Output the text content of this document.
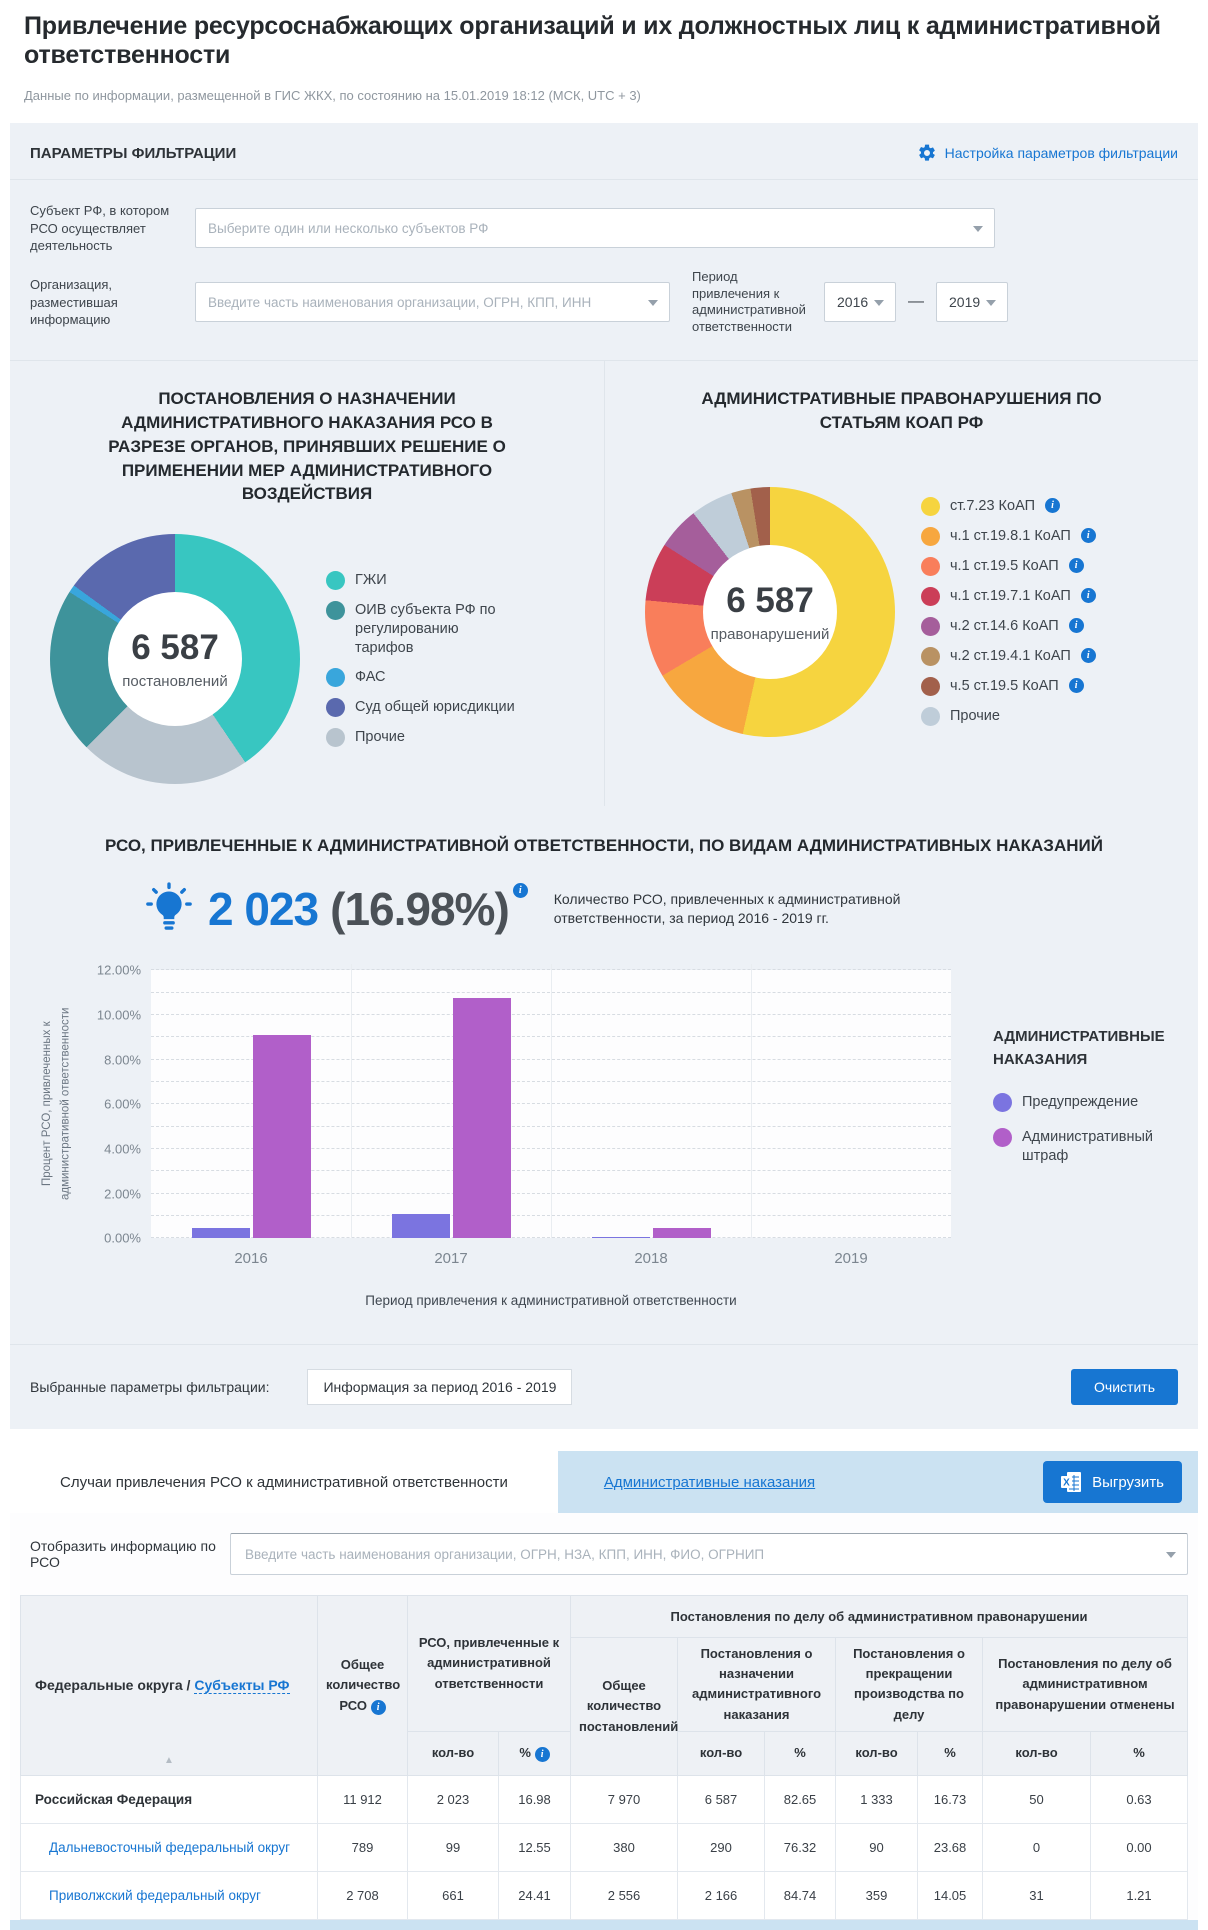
Привлечение ресурсоснабжающих организаций и их должностных лиц к административной ответственности
Данные по информации, размещенной в ГИС ЖКХ, по состоянию на 15.01.2019 18:12 (МСК, UTC + 3)
ПАРАМЕТРЫ ФИЛЬТРАЦИИ	Настройка параметров фильтрации
Субъект РФ, в котором РСО осуществляет деятельность
Выберите один или несколько субъектов РФ
Организация, разместившая информацию
Введите часть наименования организации, ОГРН, КПП, ИНН
Период привлечения к административной ответственности
2016 — 2019
ПОСТАНОВЛЕНИЯ О НАЗНАЧЕНИИ АДМИНИСТРАТИВНОГО НАКАЗАНИЯ РСО В РАЗРЕЗЕ ОРГАНОВ, ПРИНЯВШИХ РЕШЕНИЕ О ПРИМЕНЕНИИ МЕР АДМИНИСТРАТИВНОГО ВОЗДЕЙСТВИЯ
6 587
постановлений
ГЖИ
ОИВ субъекта РФ по регулированию тарифов
ФАС
Суд общей юрисдикции
Прочие
АДМИНИСТРАТИВНЫЕ ПРАВОНАРУШЕНИЯ ПО СТАТЬЯМ КОАП РФ
6 587
правонарушений
ст.7.23 КоАП	i
ч.1 ст.19.8.1 КоАП	i
ч.1 ст.19.5 КоАП	i
ч.1 ст.19.7.1 КоАП	i
ч.2 ст.14.6 КоАП	i
ч.2 ст.19.4.1 КоАП	i
ч.5 ст.19.5 КоАП	i
Прочие
РСО, ПРИВЛЕЧЕННЫЕ К АДМИНИСТРАТИВНОЙ ОТВЕТСТВЕННОСТИ, ПО ВИДАМ АДМИНИСТРАТИВНЫХ НАКАЗАНИЙ
2 023 (16.98%)	i	Количество РСО, привлеченных к административной ответственности, за период 2016 - 2019 гг.
Процент РСО, привлеченных к административной ответственности
0.00%
2.00%
4.00%
6.00%
8.00%
10.00%
12.00%
2016	2017	2018	2019
Период привлечения к административной ответственности
АДМИНИСТРАТИВНЫЕ НАКАЗАНИЯ
Предупреждение
Административный штраф
Выбранные параметры фильтрации:	Информация за период 2016 - 2019	Очистить
Случаи привлечения РСО к административной ответственности	Административные наказания	X Выгрузить
Отобразить информацию по РСО	Введите часть наименования организации, ОГРН, НЗА, КПП, ИНН, ФИО, ОГРНИП
Федеральные округа / Субъекты РФ
▲	Общее количество РСО i	РСО, привлеченные к административной ответственности		Постановления по делу об административном правонарушении						
				Общее количество постановлений	Постановления о назначении административного наказания		Постановления о прекращении производства по делу		Постановления по делу об административном правонарушении отменены	
		кол-во	% i		кол-во	%	кол-во	%	кол-во	%
Российская Федерация	11 912	2 023	16.98	7 970	6 587	82.65	1 333	16.73	50	0.63
Дальневосточный федеральный округ	789	99	12.55	380	290	76.32	90	23.68	0	0.00
Приволжский федеральный округ	2 708	661	24.41	2 556	2 166	84.74	359	14.05	31	1.21
